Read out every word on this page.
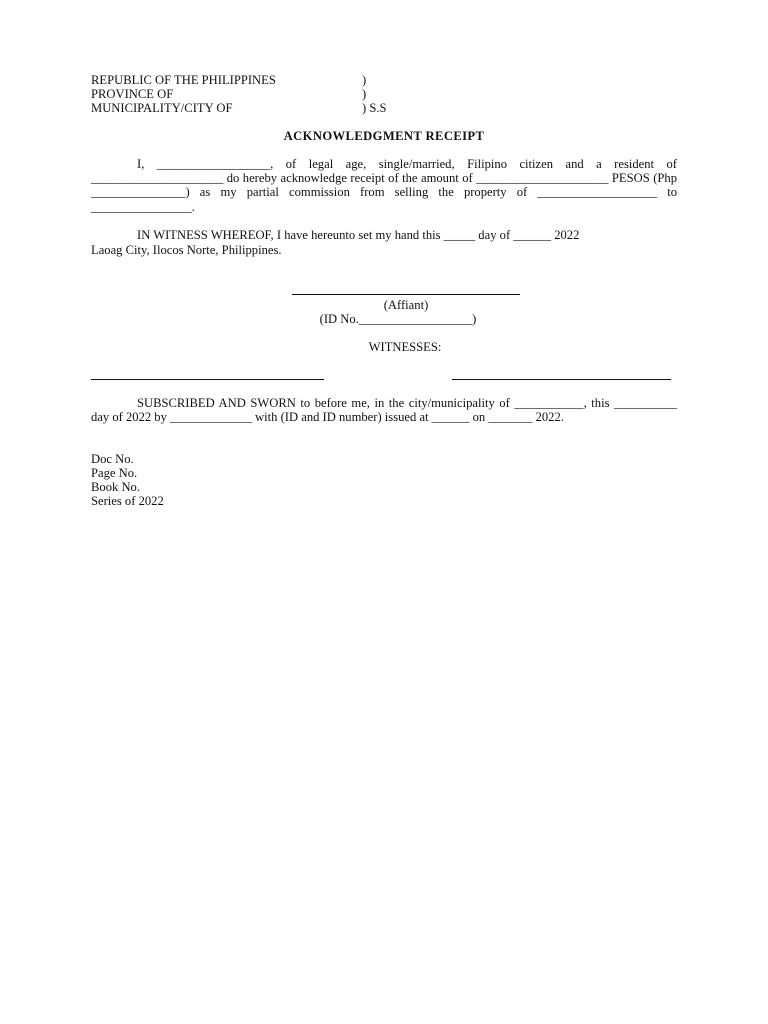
REPUBLIC OF THE PHILIPPINES
PROVINCE OF
MUNICIPALITY/CITY OF
)
)
) S.S
ACKNOWLEDGMENT RECEIPT
I, __________________, of legal age, single/married, Filipino citizen and a resident of _____________________ do hereby acknowledge receipt of the amount of _____________________ PESOS (Php _______________) as my partial commission from selling the property of ___________________ to ________________.
IN WITNESS WHEREOF, I have hereunto set my hand this _____ day of ______ 2022
Laoag City, Ilocos Norte, Philippines.
(Affiant)
(ID No.__________________)
WITNESSES:
SUBSCRIBED AND SWORN to before me, in the city/municipality of ___________, this __________ day of 2022 by _____________ with (ID and ID number) issued at ______ on _______ 2022.
Doc No.
Page No.
Book No.
Series of 2022
